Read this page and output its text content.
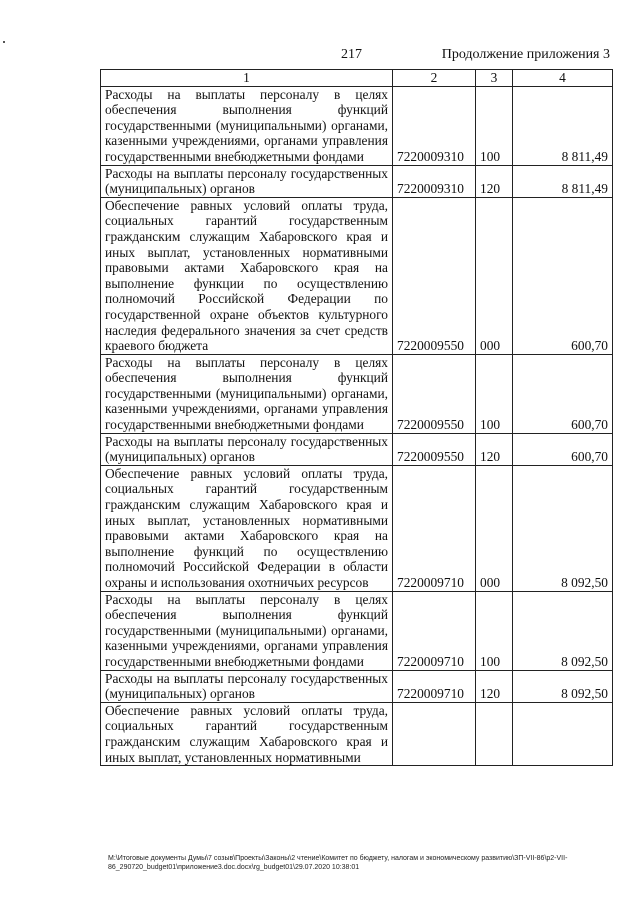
217	Продолжение приложения 3
1	2	3	4
Расходы на выплаты персоналу в целях обеспечения выполнения функций государственными (муниципальными) органами, казенными учреждениями, органами управления государственными внебюджетными фондами	7220009310	100	8 811,49
Расходы на выплаты персоналу государственных (муниципальных) органов	7220009310	120	8 811,49
Обеспечение равных условий оплаты труда, социальных гарантий государственным гражданским служащим Хабаровского края и иных выплат, установленных нормативными правовыми актами Хабаровского края на выполнение функции по осуществлению полномочий Российской Федерации по государственной охране объектов культурного наследия федерального значения за счет средств краевого бюджета	7220009550	000	600,70
Расходы на выплаты персоналу в целях обеспечения выполнения функций государственными (муниципальными) органами, казенными учреждениями, органами управления государственными внебюджетными фондами	7220009550	100	600,70
Расходы на выплаты персоналу государственных (муниципальных) органов	7220009550	120	600,70
Обеспечение равных условий оплаты труда, социальных гарантий государственным гражданским служащим Хабаровского края и иных выплат, установленных нормативными правовыми актами Хабаровского края на выполнение функций по осуществлению полномочий Российской Федерации в области охраны и использования охотничьих ресурсов	7220009710	000	8 092,50
Расходы на выплаты персоналу в целях обеспечения выполнения функций государственными (муниципальными) органами, казенными учреждениями, органами управления государственными внебюджетными фондами	7220009710	100	8 092,50
Расходы на выплаты персоналу государственных (муниципальных) органов	7220009710	120	8 092,50
Обеспечение равных условий оплаты труда, социальных гарантий государственным гражданским служащим Хабаровского края и иных выплат, установленных нормативными			
M:\Итоговые документы Думы\7 созыв\Проекты\Законы\2 чтение\Комитет по бюджету, налогам и экономическому развитию\ЗП-VII-86\p2-VII-86_290720_budget01\приложение3.doc.docx\rg_budget01\29.07.2020 10:38:01
